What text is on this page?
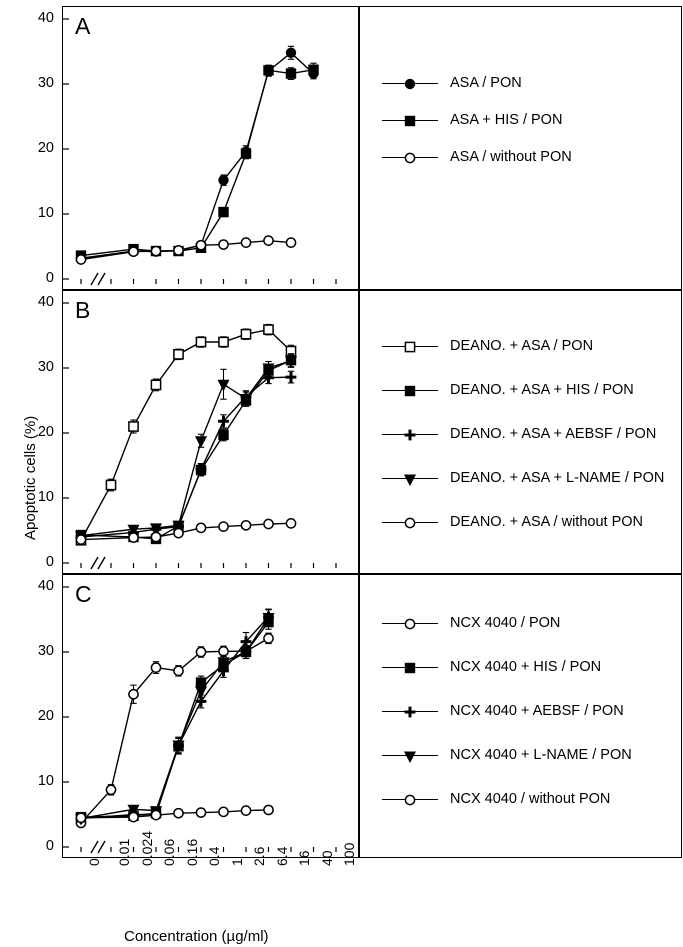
Apoptotic cells (%)
Concentration (µg/ml)
A
ASA / PON
ASA + HIS / PON
ASA / without PON
B
DEANO. + ASA / PON
DEANO. + ASA + HIS / PON
DEANO. + ASA + AEBSF / PON
DEANO. + ASA + L-NAME / PON
DEANO. + ASA / without PON
C
NCX 4040 / PON
NCX 4040 + HIS / PON
NCX 4040 + AEBSF / PON
NCX 4040 + L-NAME / PON
NCX 4040 / without PON
0
10
20
30
40
0
10
20
30
40
0
10
20
30
40
0 0.01 0.024 0.06 0.16 0.4 1 2.6 6.4 16 40 100
